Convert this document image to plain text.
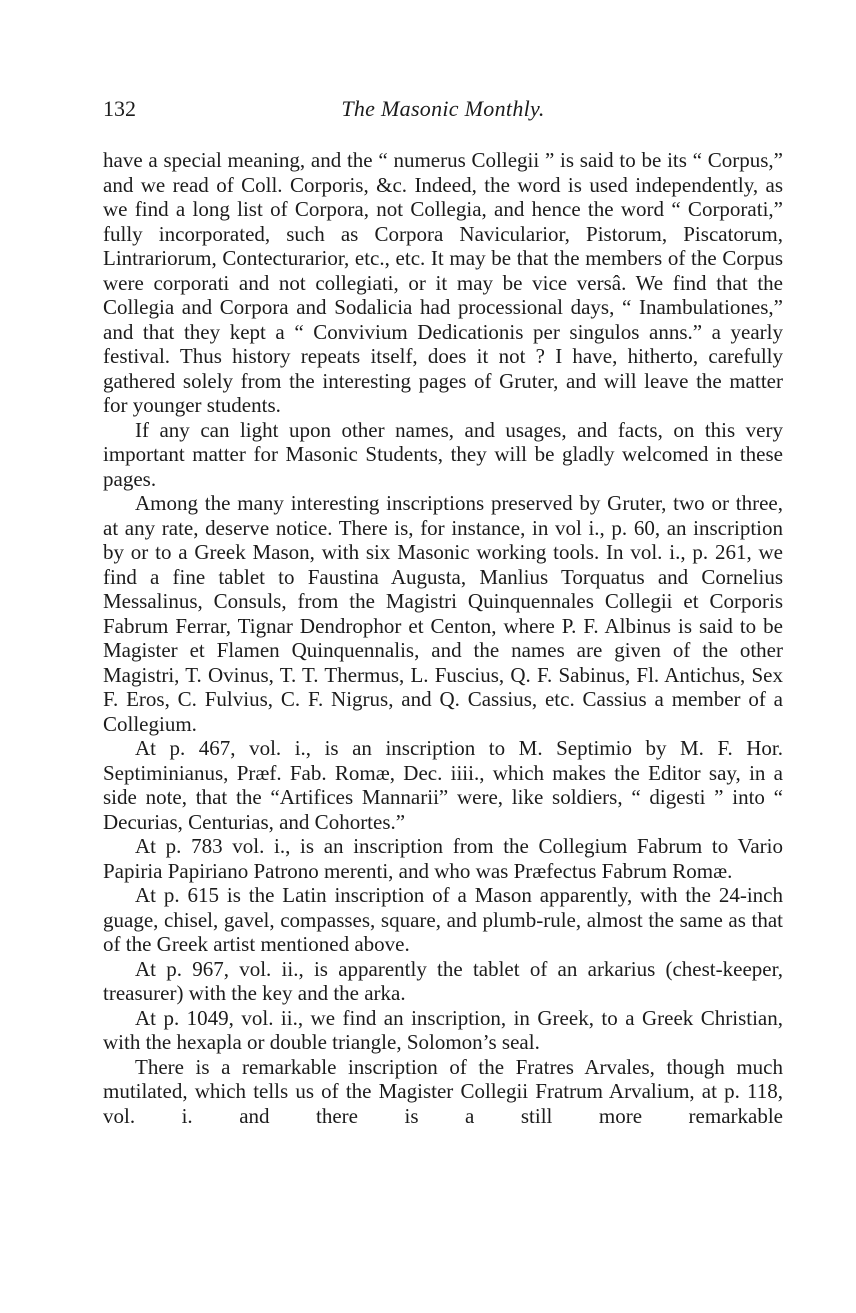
132	The Masonic Monthly.

have a special meaning, and the “ numerus Collegii ” is said to be its “ Corpus,” and we read of Coll. Corporis, &c. Indeed, the word is used independently, as we find a long list of Corpora, not Collegia, and hence the word “ Corporati,” fully incorporated, such as Corpora Navicularior, Pistorum, Piscatorum, Lintrariorum, Contecturarior, etc., etc. It may be that the members of the Corpus were corporati and not collegiati, or it may be vice versâ. We find that the Collegia and Corpora and Sodalicia had processional days, “ Inambulationes,” and that they kept a “ Convivium Dedicationis per singulos anns.” a yearly festival. Thus history repeats itself, does it not ? I have, hitherto, carefully gathered solely from the interesting pages of Gruter, and will leave the matter for younger students.

If any can light upon other names, and usages, and facts, on this very important matter for Masonic Students, they will be gladly welcomed in these pages.

Among the many interesting inscriptions preserved by Gruter, two or three, at any rate, deserve notice. There is, for instance, in vol i., p. 60, an inscription by or to a Greek Mason, with six Masonic working tools. In vol. i., p. 261, we find a fine tablet to Faustina Augusta, Manlius Torquatus and Cornelius Messalinus, Consuls, from the Magistri Quinquennales Collegii et Corporis Fabrum Ferrar, Tignar Dendrophor et Centon, where P. F. Albinus is said to be Magister et Flamen Quinquennalis, and the names are given of the other Magistri, T. Ovinus, T. T. Thermus, L. Fuscius, Q. F. Sabinus, Fl. Antichus, Sex F. Eros, C. Fulvius, C. F. Nigrus, and Q. Cassius, etc. Cassius a member of a Collegium.

At p. 467, vol. i., is an inscription to M. Septimio by M. F. Hor. Septiminianus, Præf. Fab. Romæ, Dec. iiii., which makes the Editor say, in a side note, that the “Artifices Mannarii” were, like soldiers, “ digesti ” into “ Decurias, Centurias, and Cohortes.”

At p. 783 vol. i., is an inscription from the Collegium Fabrum to Vario Papiria Papiriano Patrono merenti, and who was Præfectus Fabrum Romæ.

At p. 615 is the Latin inscription of a Mason apparently, with the 24-inch guage, chisel, gavel, compasses, square, and plumb-rule, almost the same as that of the Greek artist mentioned above.

At p. 967, vol. ii., is apparently the tablet of an arkarius (chest-keeper, treasurer) with the key and the arka.

At p. 1049, vol. ii., we find an inscription, in Greek, to a Greek Christian, with the hexapla or double triangle, Solomon’s seal.

There is a remarkable inscription of the Fratres Arvales, though much mutilated, which tells us of the Magister Collegii Fratrum Arvalium, at p. 118, vol. i. and there is a still more remarkable
